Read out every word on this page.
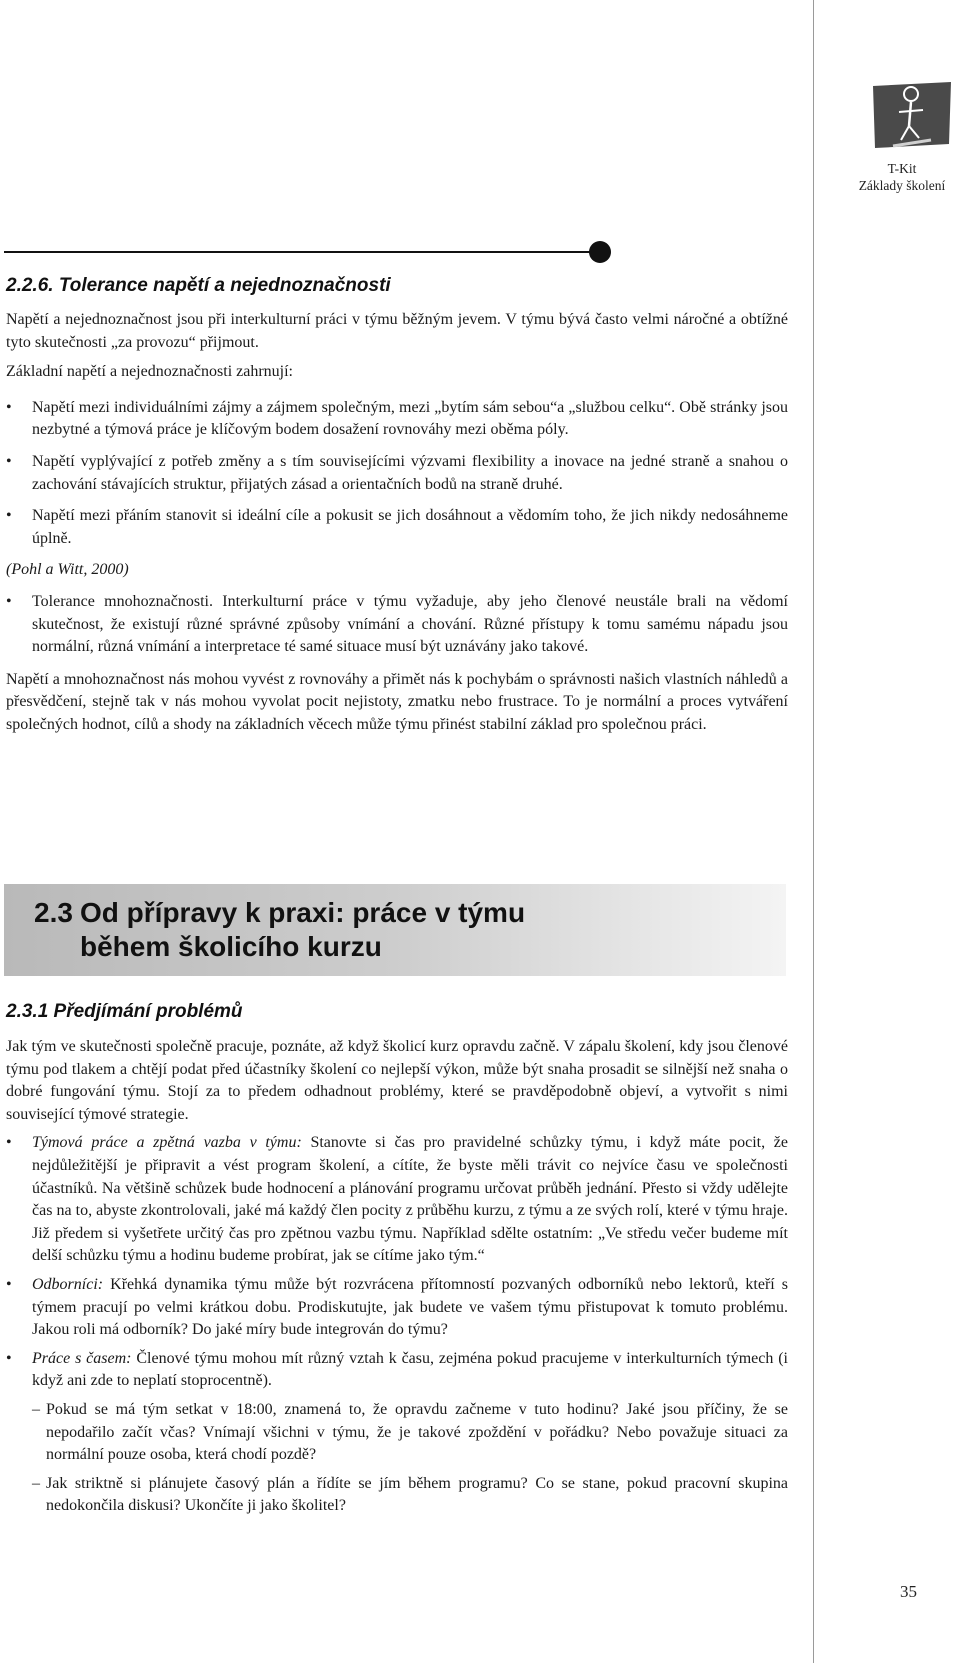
T-Kit
Základy školení
2.2.6. Tolerance napětí a nejednoznačnosti

Napětí a nejednoznačnost jsou při interkulturní práci v týmu běžným jevem. V týmu bývá často velmi náročné a obtížné tyto skutečnosti „za provozu“ přijmout.

Základní napětí a nejednoznačnosti zahrnují:

• Napětí mezi individuálními zájmy a zájmem společným, mezi „bytím sám sebou“a „službou celku“. Obě stránky jsou nezbytné a týmová práce je klíčovým bodem dosažení rovnováhy mezi oběma póly.
• Napětí vyplývající z potřeb změny a s tím souvisejícími výzvami flexibility a inovace na jedné straně a snahou o zachování stávajících struktur, přijatých zásad a orientačních bodů na straně druhé.
• Napětí mezi přáním stanovit si ideální cíle a pokusit se jich dosáhnout a vědomím toho, že jich nikdy nedosáhneme úplně.

(Pohl a Witt, 2000)

• Tolerance mnohoznačnosti. Interkulturní práce v týmu vyžaduje, aby jeho členové neustále brali na vědomí skutečnost, že existují různé správné způsoby vnímání a chování. Různé přístupy k tomu samému nápadu jsou normální, různá vnímání a interpretace té samé situace musí být uznávány jako takové.

Napětí a mnohoznačnost nás mohou vyvést z rovnováhy a přimět nás k pochybám o správnosti našich vlastních náhledů a přesvědčení, stejně tak v nás mohou vyvolat pocit nejistoty, zmatku nebo frustrace. To je normální a proces vytváření společných hodnot, cílů a shody na základních věcech může týmu přinést stabilní základ pro společnou práci.

2.3 Od přípravy k praxi: práce v týmu
během školicího kurzu
2.3.1 Předjímání problémů

Jak tým ve skutečnosti společně pracuje, poznáte, až když školicí kurz opravdu začně. V zápalu školení, kdy jsou členové týmu pod tlakem a chtějí podat před účastníky školení co nejlepší výkon, může být snaha prosadit se silnější než snaha o dobré fungování týmu. Stojí za to předem odhadnout problémy, které se pravděpodobně objeví, a vytvořit s nimi související týmové strategie.

• Týmová práce a zpětná vazba v týmu: Stanovte si čas pro pravidelné schůzky týmu, i když máte pocit, že nejdůležitější je připravit a vést program školení, a cítíte, že byste měli trávit co nejvíce času ve společnosti účastníků. Na většině schůzek bude hodnocení a plánování programu určovat průběh jednání. Přesto si vždy udělejte čas na to, abyste zkontrolovali, jaké má každý člen pocity z průběhu kurzu, z týmu a ze svých rolí, které v týmu hraje. Již předem si vyšetřete určitý čas pro zpětnou vazbu týmu. Například sdělte ostatním: „Ve středu večer budeme mít delší schůzku týmu a hodinu budeme probírat, jak se cítíme jako tým.“
• Odborníci: Křehká dynamika týmu může být rozvrácena přítomností pozvaných odborníků nebo lektorů, kteří s týmem pracují po velmi krátkou dobu. Prodiskutujte, jak budete ve vašem týmu přistupovat k tomuto problému. Jakou roli má odborník? Do jaké míry bude integrován do týmu?
• Práce s časem: Členové týmu mohou mít různý vztah k času, zejména pokud pracujeme v interkulturních týmech (i když ani zde to neplatí stoprocentně).
– Pokud se má tým setkat v 18:00, znamená to, že opravdu začneme v tuto hodinu? Jaké jsou příčiny, že se nepodařilo začít včas? Vnímají všichni v týmu, že je takové zpoždění v pořádku? Nebo považuje situaci za normální pouze osoba, která chodí pozdě?
– Jak striktně si plánujete časový plán a řídíte se jím během programu? Co se stane, pokud pracovní skupina nedokončila diskusi? Ukončíte ji jako školitel?
35
